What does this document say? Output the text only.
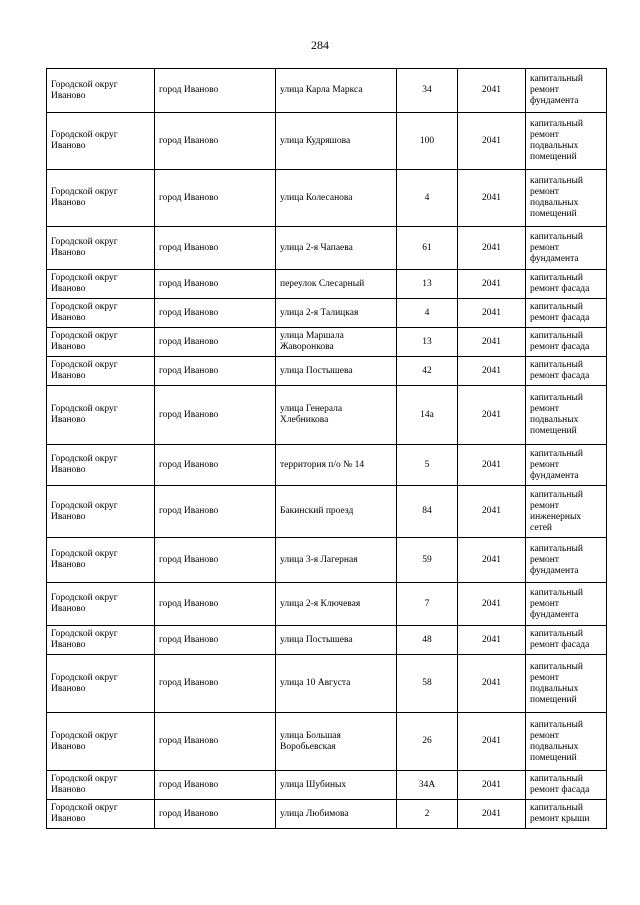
284
Городской округ Иваново	город Иваново	улица Карла Маркса	34	2041	капитальный ремонт фундамента
Городской округ Иваново	город Иваново	улица Кудряшова	100	2041	капитальный ремонт подвальных помещений
Городской округ Иваново	город Иваново	улица Колесанова	4	2041	капитальный ремонт подвальных помещений
Городской округ Иваново	город Иваново	улица 2-я Чапаева	61	2041	капитальный ремонт фундамента
Городской округ Иваново	город Иваново	переулок Слесарный	13	2041	капитальный ремонт фасада
Городской округ Иваново	город Иваново	улица 2-я Талицкая	4	2041	капитальный ремонт фасада
Городской округ Иваново	город Иваново	улица Маршала Жаворонкова	13	2041	капитальный ремонт фасада
Городской округ Иваново	город Иваново	улица Постышева	42	2041	капитальный ремонт фасада
Городской округ Иваново	город Иваново	улица Генерала Хлебникова	14а	2041	капитальный ремонт подвальных помещений
Городской округ Иваново	город Иваново	территория п/о № 14	5	2041	капитальный ремонт фундамента
Городской округ Иваново	город Иваново	Бакинский проезд	84	2041	капитальный ремонт инженерных сетей
Городской округ Иваново	город Иваново	улица 3-я Лагерная	59	2041	капитальный ремонт фундамента
Городской округ Иваново	город Иваново	улица 2-я Ключевая	7	2041	капитальный ремонт фундамента
Городской округ Иваново	город Иваново	улица Постышева	48	2041	капитальный ремонт фасада
Городской округ Иваново	город Иваново	улица 10 Августа	58	2041	капитальный ремонт подвальных помещений
Городской округ Иваново	город Иваново	улица Большая Воробьевская	26	2041	капитальный ремонт подвальных помещений
Городской округ Иваново	город Иваново	улица Шубиных	34А	2041	капитальный ремонт фасада
Городской округ Иваново	город Иваново	улица Любимова	2	2041	капитальный ремонт крыши
